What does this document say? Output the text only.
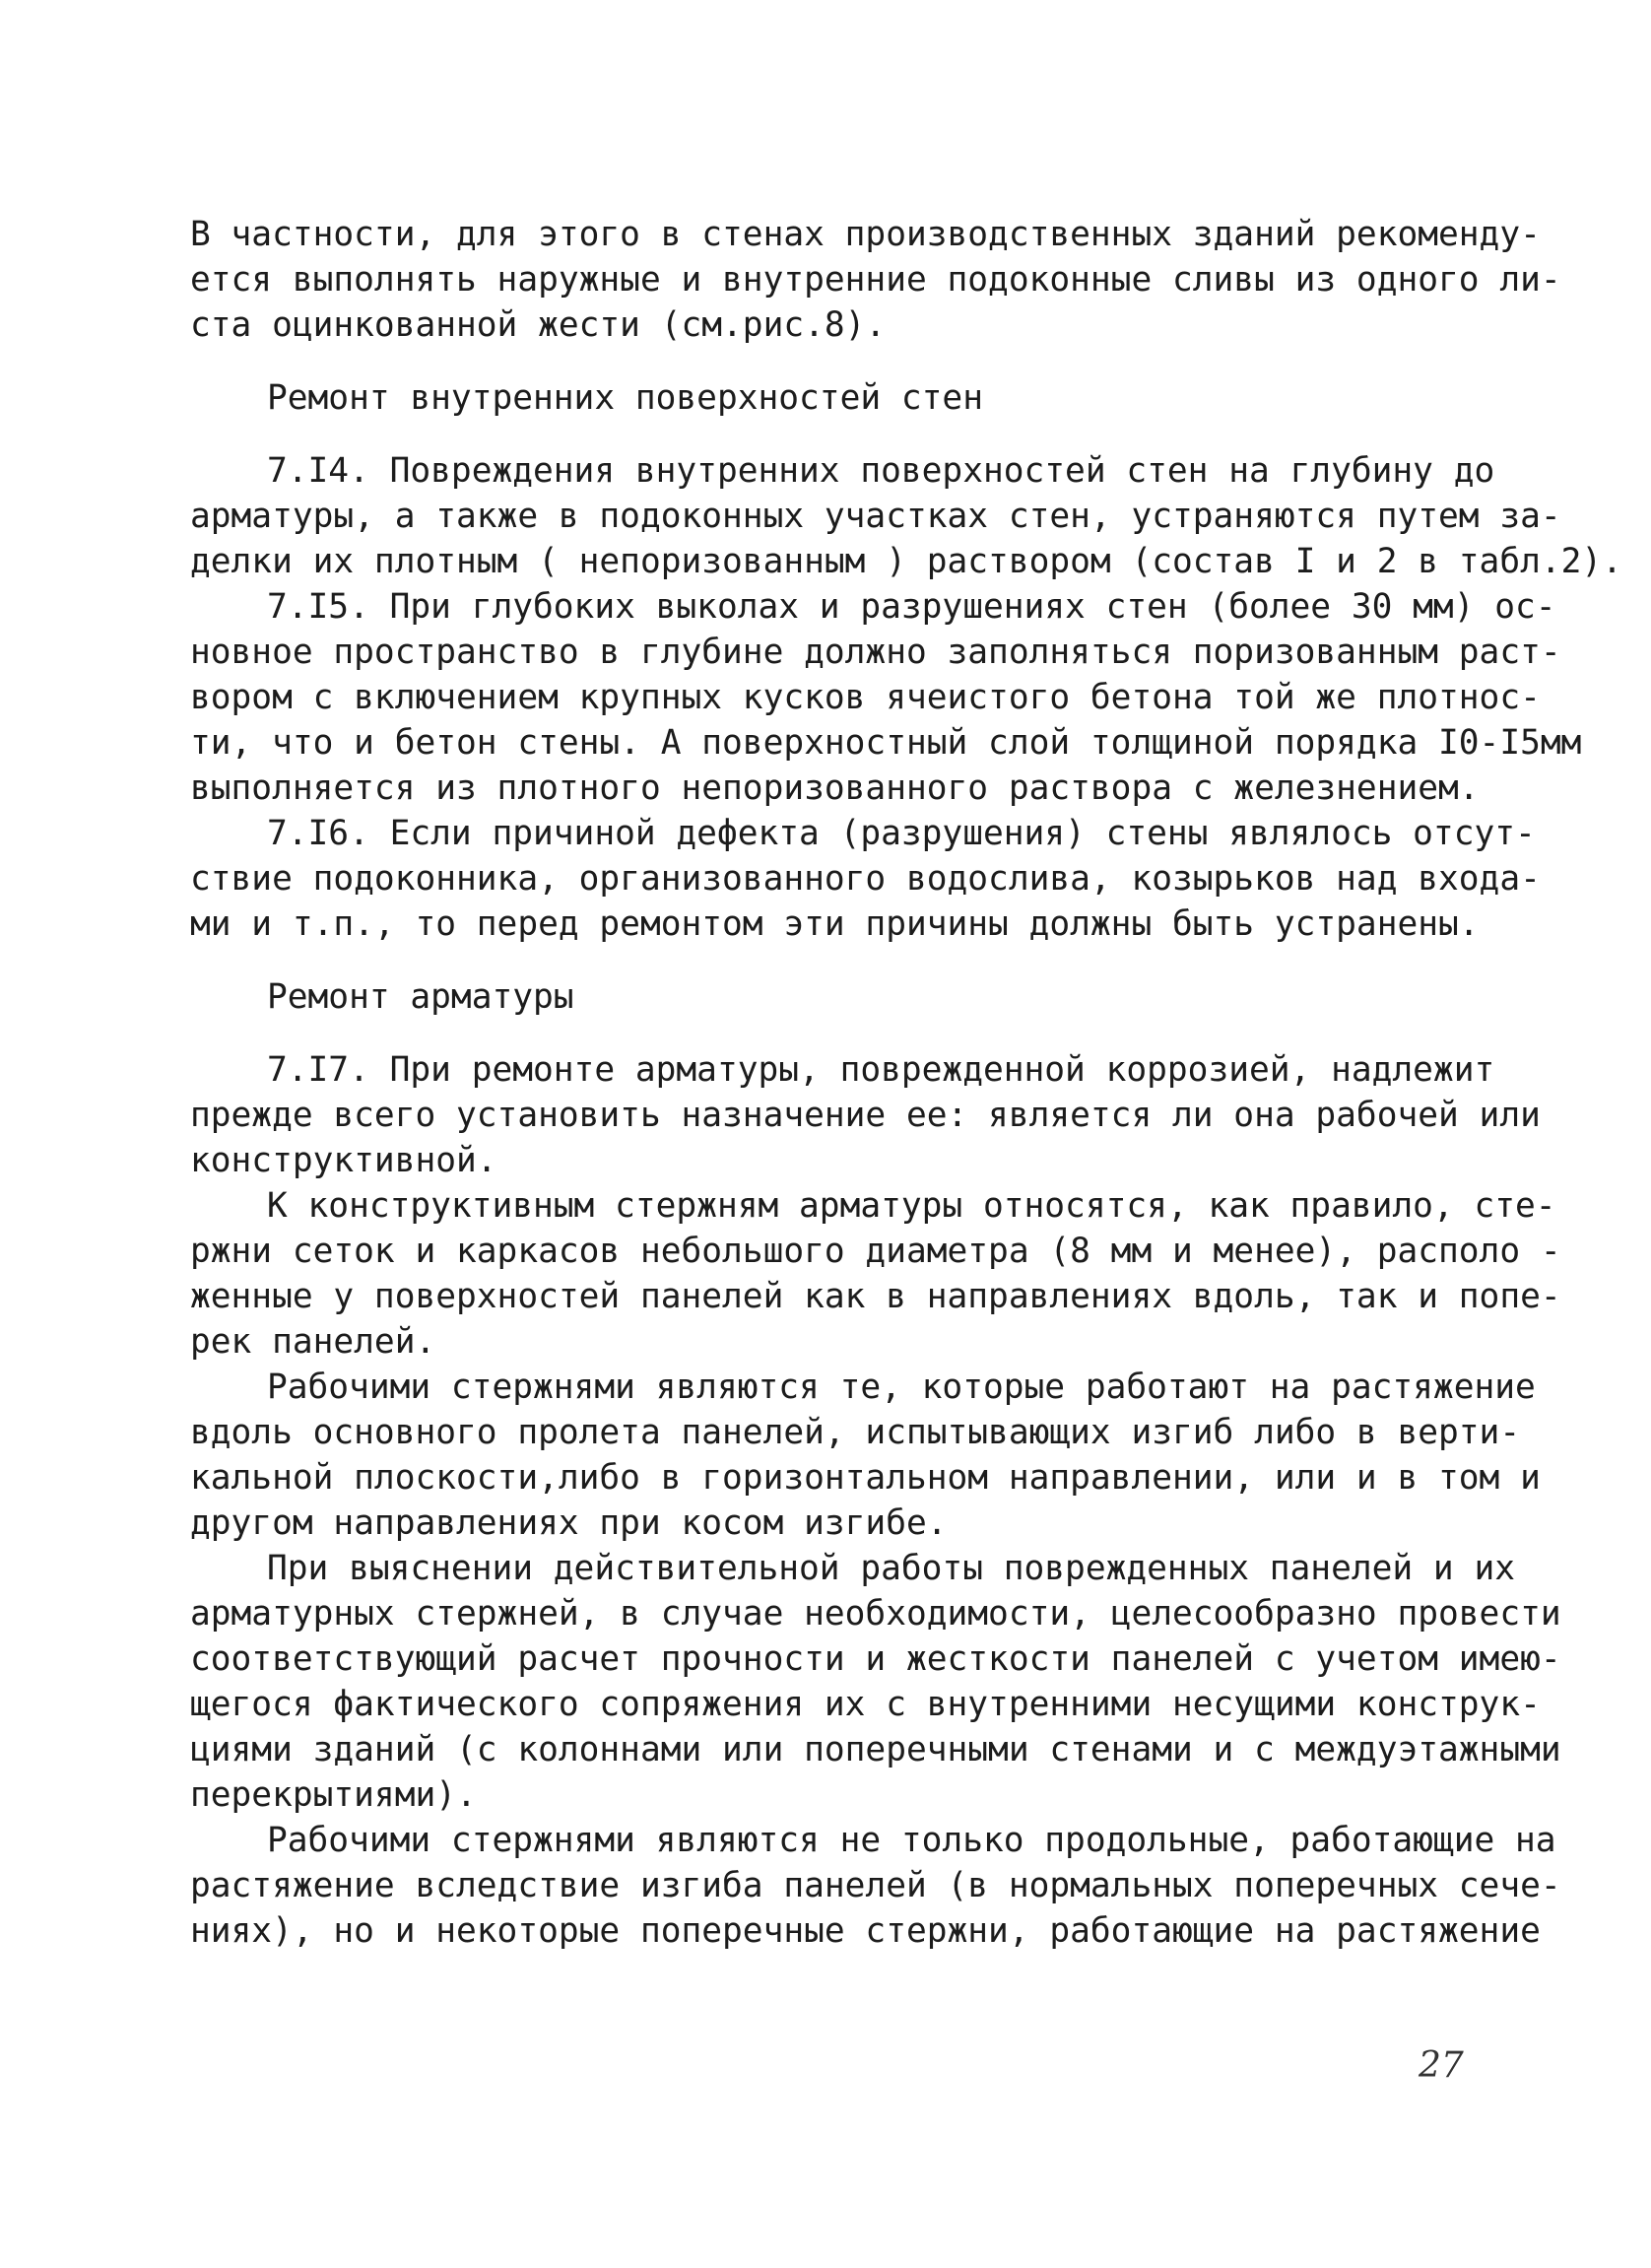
В частности, для этого в стенах производственных зданий рекоменду-
ется выполнять наружные и внутренние подоконные сливы из одного ли-
ста оцинкованной жести (см.рис.8).
Ремонт внутренних поверхностей стен
7.I4. Повреждения внутренних поверхностей стен на глубину до
арматуры, а также в подоконных участках стен, устраняются путем за-
делки их плотным ( непоризованным ) раствором (состав I и 2 в табл.2).
7.I5. При глубоких выколах и разрушениях стен (более 30 мм) ос-
новное пространство в глубине должно заполняться поризованным раст-
вором с включением крупных кусков ячеистого бетона той же плотнос-
ти, что и бетон стены. А поверхностный слой толщиной порядка I0-I5мм
выполняется из плотного непоризованного раствора с железнением.
7.I6. Если причиной дефекта (разрушения) стены являлось отсут-
ствие подоконника, организованного водослива, козырьков над входа-
ми и т.п., то перед ремонтом эти причины должны быть устранены.
Ремонт арматуры
7.I7. При ремонте арматуры, поврежденной коррозией, надлежит
прежде всего установить назначение ее: является ли она рабочей или
конструктивной.
К конструктивным стержням арматуры относятся, как правило, сте-
ржни сеток и каркасов небольшого диаметра (8 мм и менее), располо -
женные у поверхностей панелей как в направлениях вдоль, так и попе-
рек панелей.
Рабочими стержнями являются те, которые работают на растяжение
вдоль основного пролета панелей, испытывающих изгиб либо в верти-
кальной плоскости,либо в горизонтальном направлении, или и в том и
другом направлениях при косом изгибе.
При выяснении действительной работы поврежденных панелей и их
арматурных стержней, в случае необходимости, целесообразно провести
соответствующий расчет прочности и жесткости панелей с учетом имею-
щегося фактического сопряжения их с внутренними несущими конструк-
циями зданий (с колоннами или поперечными стенами и с междуэтажными
перекрытиями).
Рабочими стержнями являются не только продольные, работающие на
растяжение вследствие изгиба панелей (в нормальных поперечных сече-
ниях), но и некоторые поперечные стержни, работающие на растяжение
27
